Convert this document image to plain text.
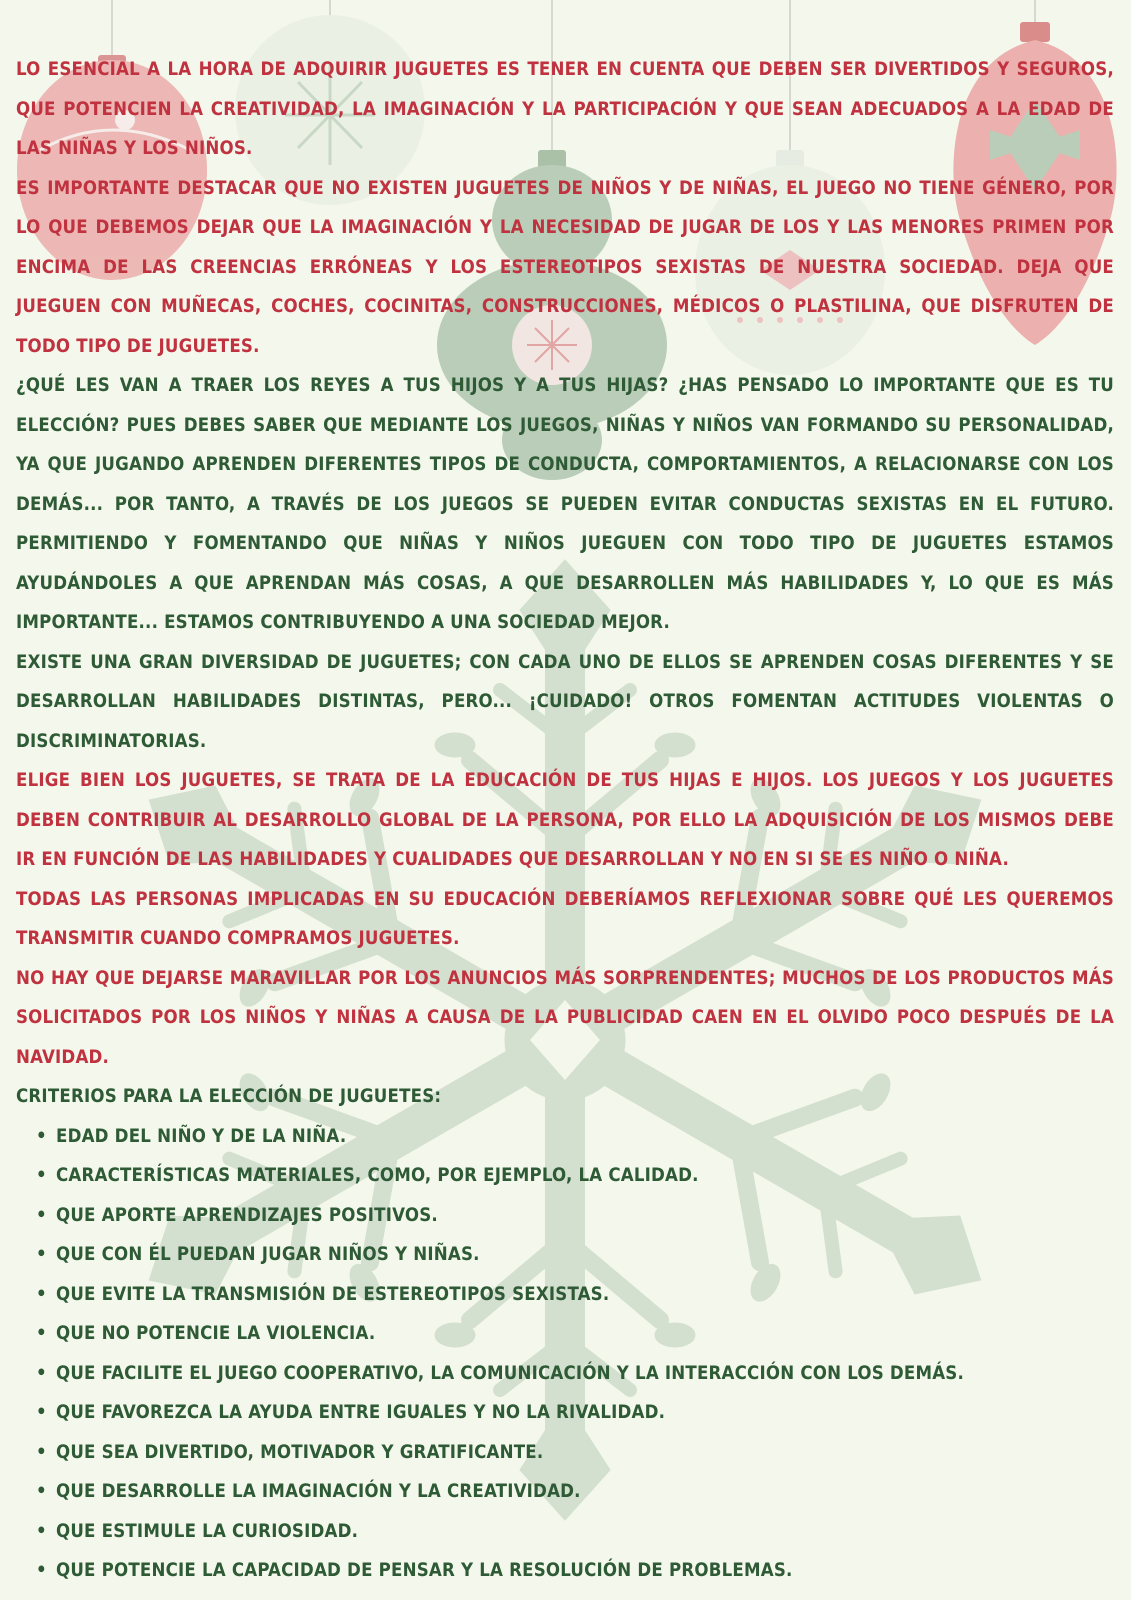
LO ESENCIAL A LA HORA DE ADQUIRIR JUGUETES ES TENER EN CUENTA QUE DEBEN SER DIVERTIDOS Y SEGUROS, QUE POTENCIEN LA CREATIVIDAD, LA IMAGINACIÓN Y LA PARTICIPACIÓN Y QUE SEAN ADECUADOS A LA EDAD DE LAS NIÑAS Y LOS NIÑOS.

ES IMPORTANTE DESTACAR QUE NO EXISTEN JUGUETES DE NIÑOS Y DE NIÑAS, EL JUEGO NO TIENE GÉNERO, POR LO QUE DEBEMOS DEJAR QUE LA IMAGINACIÓN Y LA NECESIDAD DE JUGAR DE LOS Y LAS MENORES PRIMEN POR ENCIMA DE LAS CREENCIAS ERRÓNEAS Y LOS ESTEREOTIPOS SEXISTAS DE NUESTRA SOCIEDAD. DEJA QUE JUEGUEN CON MUÑECAS, COCHES, COCINITAS, CONSTRUCCIONES, MÉDICOS O PLASTILINA, QUE DISFRUTEN DE TODO TIPO DE JUGUETES.

¿QUÉ LES VAN A TRAER LOS REYES A TUS HIJOS Y A TUS HIJAS? ¿HAS PENSADO LO IMPORTANTE QUE ES TU ELECCIÓN? PUES DEBES SABER QUE MEDIANTE LOS JUEGOS, NIÑAS Y NIÑOS VAN FORMANDO SU PERSONALIDAD, YA QUE JUGANDO APRENDEN DIFERENTES TIPOS DE CONDUCTA, COMPORTAMIENTOS, A RELACIONARSE CON LOS DEMÁS... POR TANTO, A TRAVÉS DE LOS JUEGOS SE PUEDEN EVITAR CONDUCTAS SEXISTAS EN EL FUTURO. PERMITIENDO Y FOMENTANDO QUE NIÑAS Y NIÑOS JUEGUEN CON TODO TIPO DE JUGUETES ESTAMOS AYUDÁNDOLES A QUE APRENDAN MÁS COSAS, A QUE DESARROLLEN MÁS HABILIDADES Y, LO QUE ES MÁS IMPORTANTE... ESTAMOS CONTRIBUYENDO A UNA SOCIEDAD MEJOR.

EXISTE UNA GRAN DIVERSIDAD DE JUGUETES; CON CADA UNO DE ELLOS SE APRENDEN COSAS DIFERENTES Y SE DESARROLLAN HABILIDADES DISTINTAS, PERO... ¡CUIDADO! OTROS FOMENTAN ACTITUDES VIOLENTAS O DISCRIMINATORIAS.

ELIGE BIEN LOS JUGUETES, SE TRATA DE LA EDUCACIÓN DE TUS HIJAS E HIJOS. LOS JUEGOS Y LOS JUGUETES DEBEN CONTRIBUIR AL DESARROLLO GLOBAL DE LA PERSONA, POR ELLO LA ADQUISICIÓN DE LOS MISMOS DEBE IR EN FUNCIÓN DE LAS HABILIDADES Y CUALIDADES QUE DESARROLLAN Y NO EN SI SE ES NIÑO O NIÑA.

TODAS LAS PERSONAS IMPLICADAS EN SU EDUCACIÓN DEBERÍAMOS REFLEXIONAR SOBRE QUÉ LES QUEREMOS TRANSMITIR CUANDO COMPRAMOS JUGUETES.

NO HAY QUE DEJARSE MARAVILLAR POR LOS ANUNCIOS MÁS SORPRENDENTES; MUCHOS DE LOS PRODUCTOS MÁS SOLICITADOS POR LOS NIÑOS Y NIÑAS A CAUSA DE LA PUBLICIDAD CAEN EN EL OLVIDO POCO DESPUÉS DE LA NAVIDAD.

CRITERIOS PARA LA ELECCIÓN DE JUGUETES:

• EDAD DEL NIÑO Y DE LA NIÑA.
• CARACTERÍSTICAS MATERIALES, COMO, POR EJEMPLO, LA CALIDAD.
• QUE APORTE APRENDIZAJES POSITIVOS.
• QUE CON ÉL PUEDAN JUGAR NIÑOS Y NIÑAS.
• QUE EVITE LA TRANSMISIÓN DE ESTEREOTIPOS SEXISTAS.
• QUE NO POTENCIE LA VIOLENCIA.
• QUE FACILITE EL JUEGO COOPERATIVO, LA COMUNICACIÓN Y LA INTERACCIÓN CON LOS DEMÁS.
• QUE FAVOREZCA LA AYUDA ENTRE IGUALES Y NO LA RIVALIDAD.
• QUE SEA DIVERTIDO, MOTIVADOR Y GRATIFICANTE.
• QUE DESARROLLE LA IMAGINACIÓN Y LA CREATIVIDAD.
• QUE ESTIMULE LA CURIOSIDAD.
• QUE POTENCIE LA CAPACIDAD DE PENSAR Y LA RESOLUCIÓN DE PROBLEMAS.
